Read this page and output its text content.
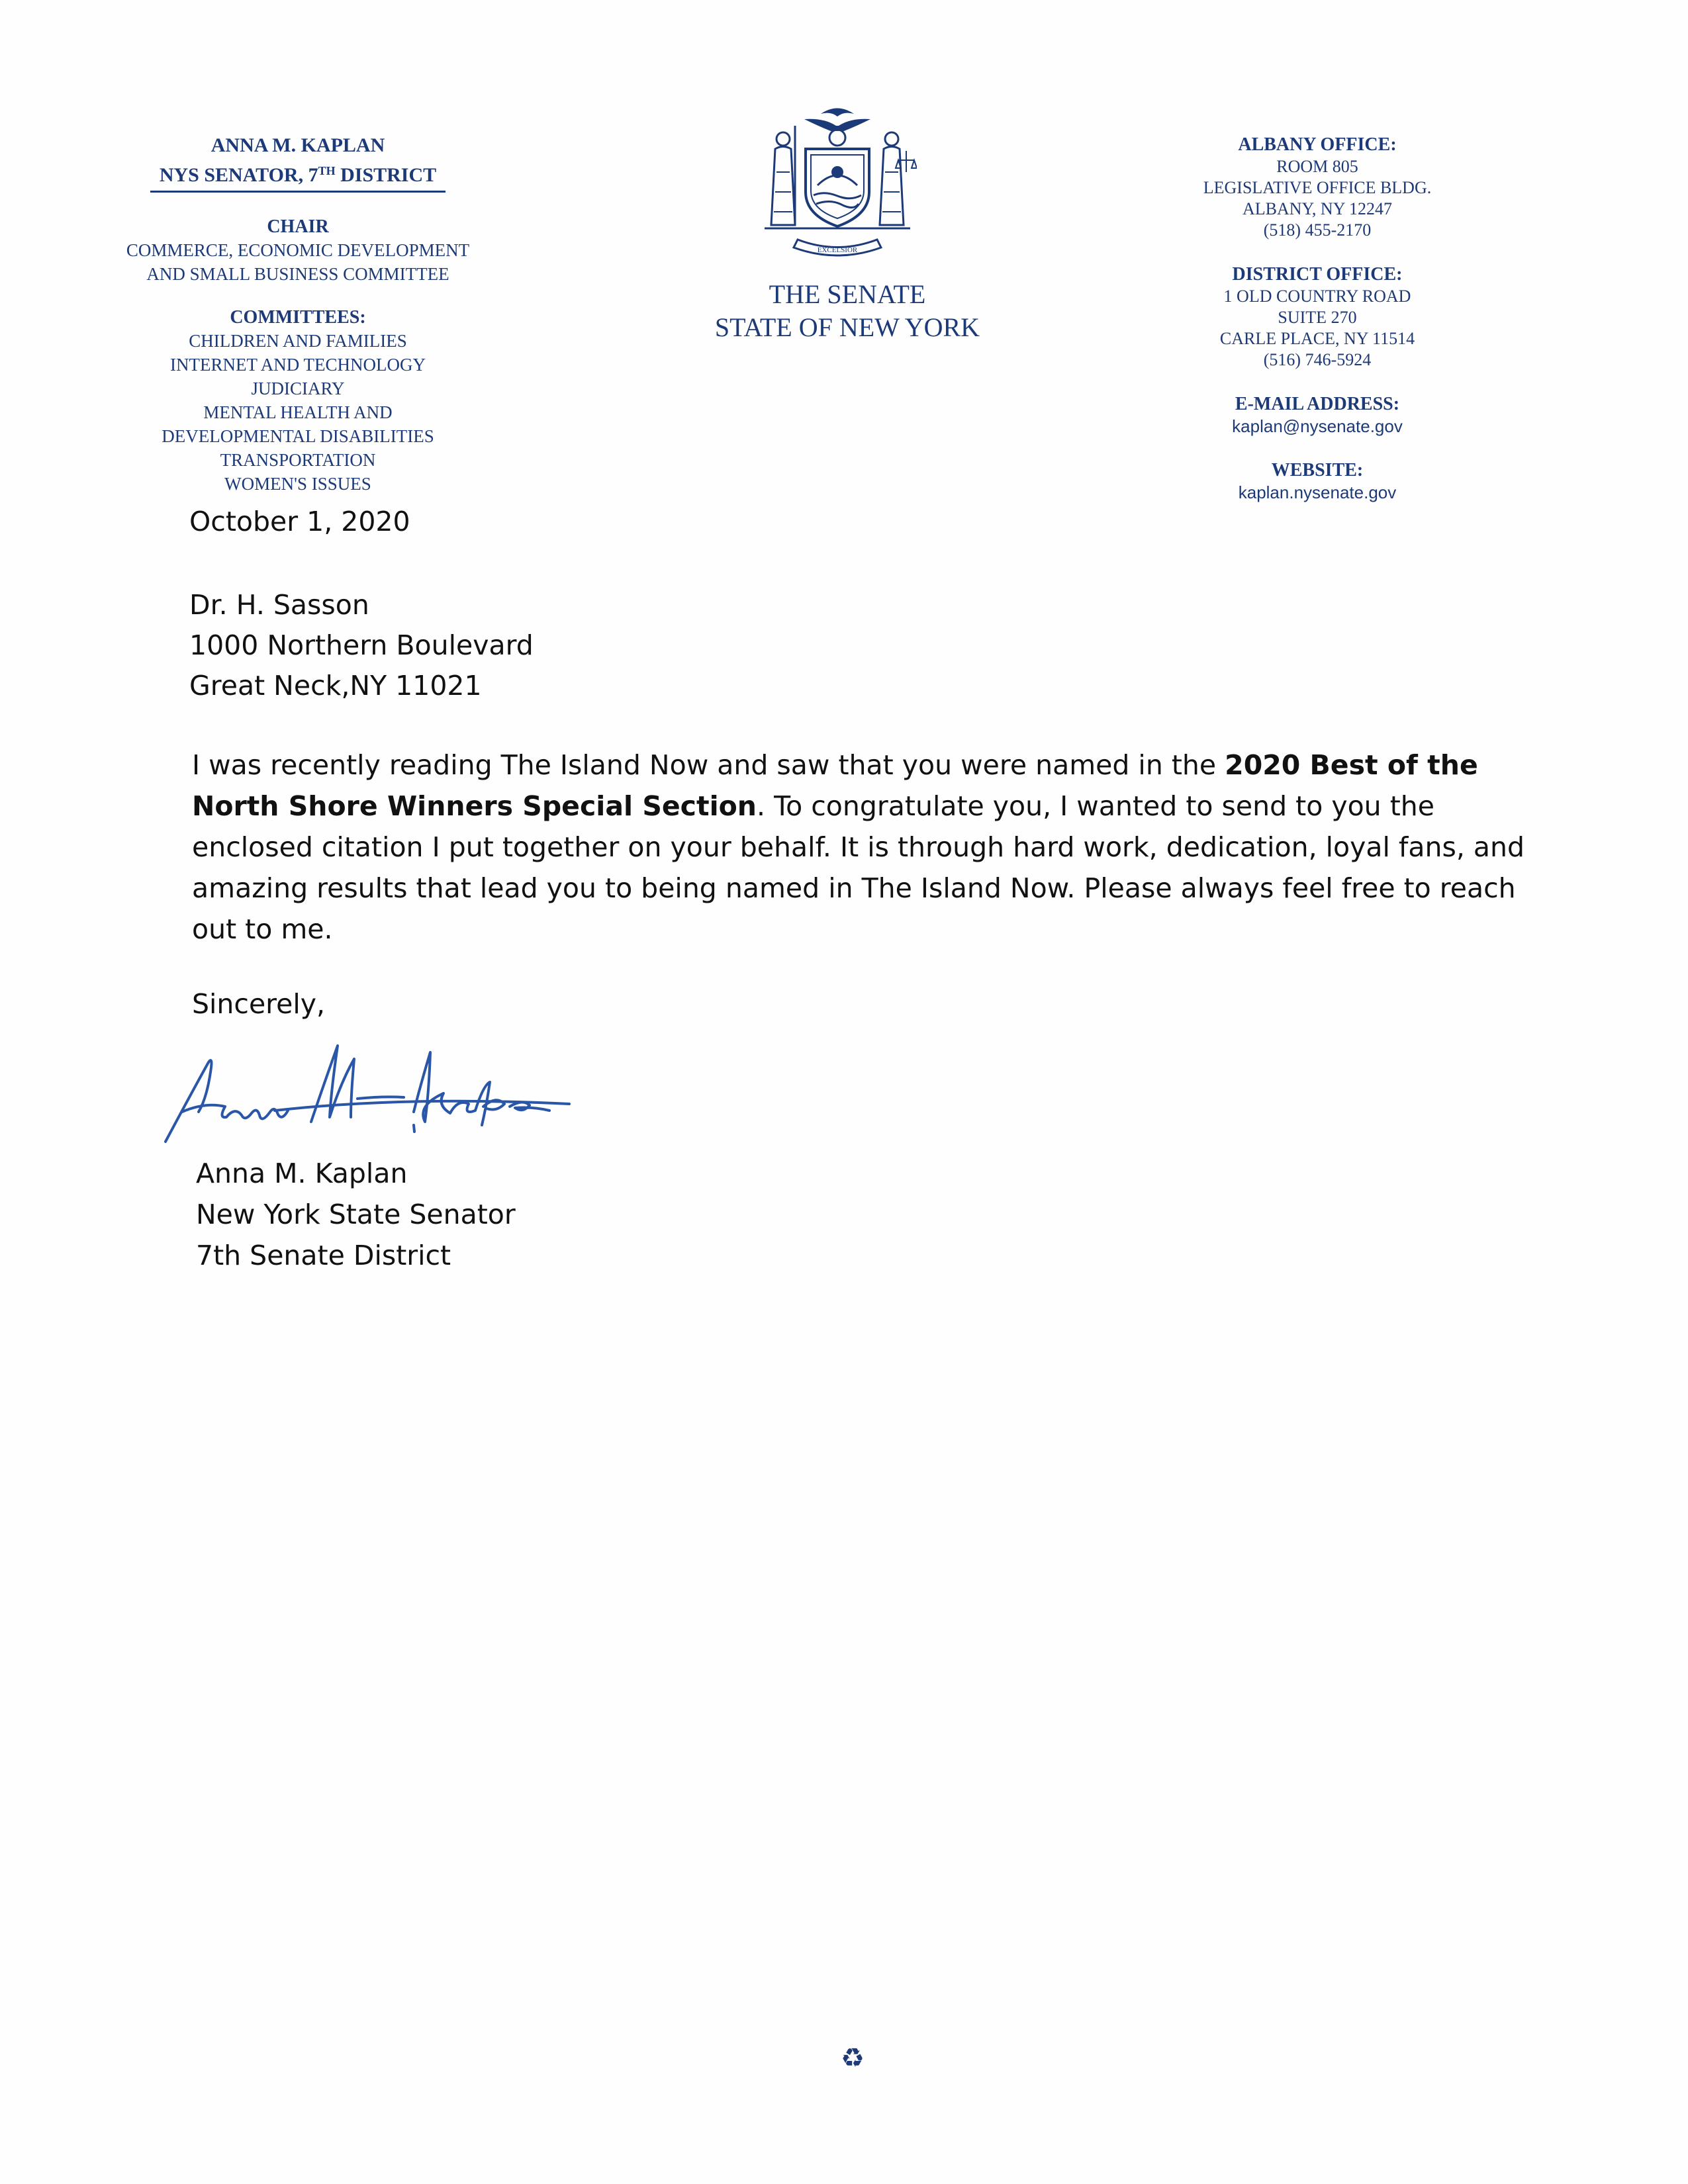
ANNA M. KAPLAN
NYS SENATOR, 7TH DISTRICT
CHAIR
COMMERCE, ECONOMIC DEVELOPMENT
AND SMALL BUSINESS COMMITTEE
COMMITTEES:
CHILDREN AND FAMILIES
INTERNET AND TECHNOLOGY
JUDICIARY
MENTAL HEALTH AND
DEVELOPMENTAL DISABILITIES
TRANSPORTATION
WOMEN'S ISSUES
EXCELSIOR
THE SENATE
STATE OF NEW YORK
ALBANY OFFICE:
ROOM 805
LEGISLATIVE OFFICE BLDG.
ALBANY, NY 12247
(518) 455-2170
DISTRICT OFFICE:
1 OLD COUNTRY ROAD
SUITE 270
CARLE PLACE, NY 11514
(516) 746-5924
E-MAIL ADDRESS:
kaplan@nysenate.gov
WEBSITE:
kaplan.nysenate.gov
October 1, 2020
Dr. H. Sasson
1000 Northern Boulevard
Great Neck,NY 11021
I was recently reading The Island Now and saw that you were named in the 2020 Best of the North Shore Winners Special Section. To congratulate you, I wanted to send to you the enclosed citation I put together on your behalf. It is through hard work, dedication, loyal fans, and amazing results that lead you to being named in The Island Now. Please always feel free to reach out to me.
Sincerely,
Anna M. Kaplan
New York State Senator
7th Senate District
♻
